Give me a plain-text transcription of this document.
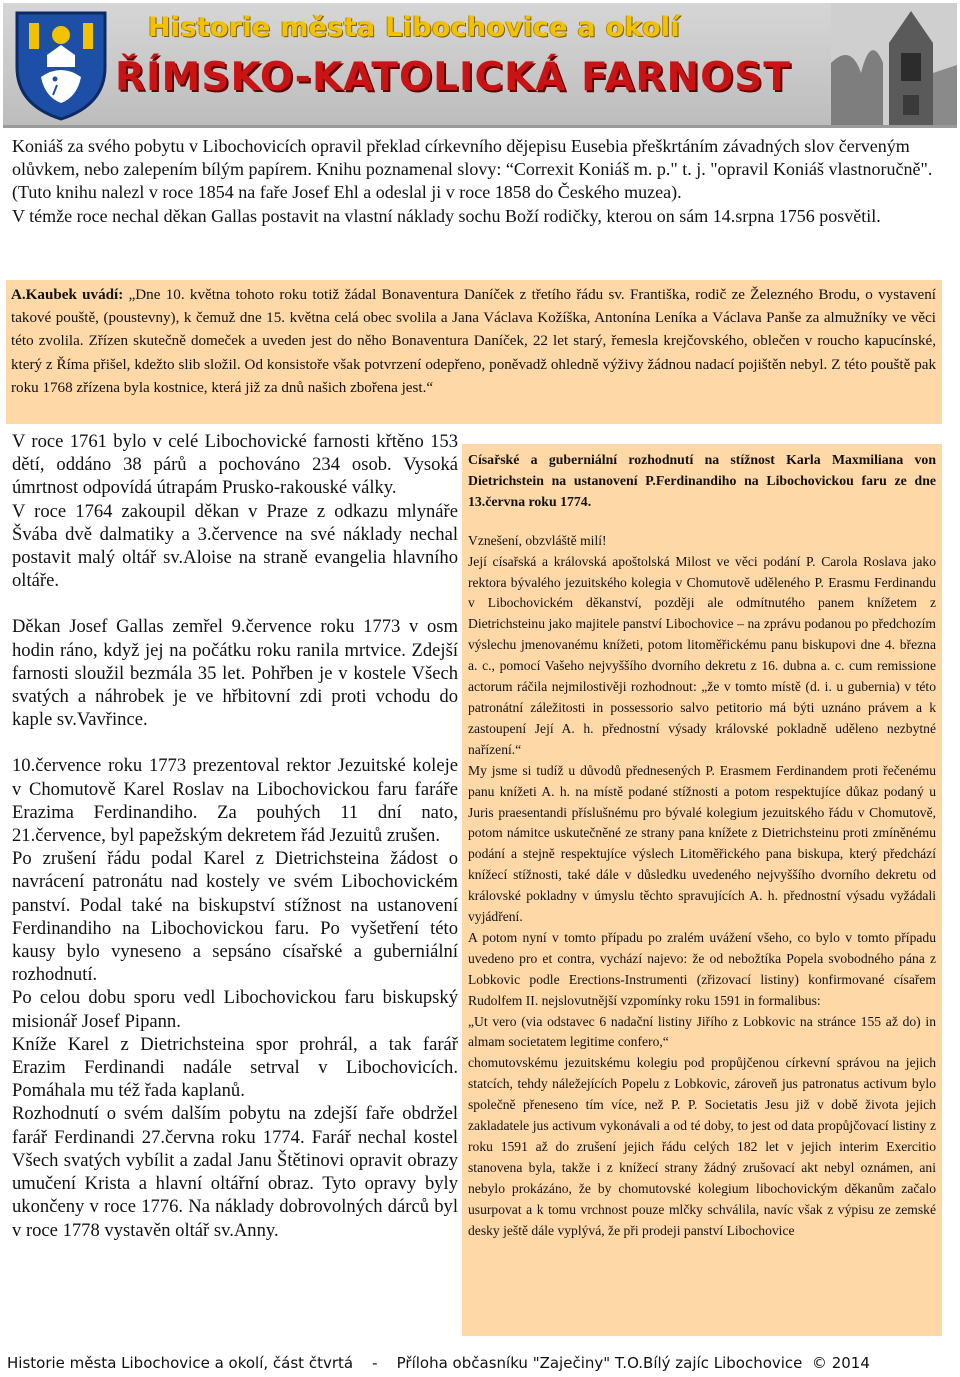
Historie města Libochovice a okolí
ŘÍMSKO-KATOLICKÁ FARNOST

Koniáš za svého pobytu v Libochovicích opravil překlad církevního dějepisu Eusebia přeškrtáním závadných slov červeným olůvkem, nebo zalepením bílým papírem. Knihu poznamenal slovy: “Correxit Koniáš m. p." t. j. "opravil Koniáš vlastnoručně". (Tuto knihu nalezl v roce 1854 na faře Josef Ehl a odeslal ji v roce 1858 do Českého muzea).

V témže roce nechal děkan Gallas postavit na vlastní náklady sochu Boží rodičky, kterou on sám 14.srpna 1756 posvětil.

A.Kaubek uvádí: „Dne 10. května tohoto roku totiž žádal Bonaventura Daníček z třetího řádu sv. Františka, rodič ze Železného Brodu, o vystavení takové pouště, (poustevny), k čemuž dne 15. května celá obec svolila a Jana Václava Kožíška, Antonína Leníka a Václava Panše za almužníky ve věci této zvolila. Zřízen skutečně domeček a uveden jest do něho Bonaventura Daníček, 22 let starý, řemesla krejčovského, oblečen v roucho kapucínské, který z Říma přišel, kdežto slib složil. Od konsistoře však potvrzení odepřeno, poněvadž ohledně výživy žádnou nadací pojištěn nebyl. Z této pouště pak roku 1768 zřízena byla kostnice, která již za dnů našich zbořena jest.“

V roce 1761 bylo v celé Libochovické farnosti křtěno 153 dětí, oddáno 38 párů a pochováno 234 osob. Vysoká úmrtnost odpovídá útrapám Prusko-rakouské války.

V roce 1764 zakoupil děkan v Praze z odkazu mlynáře Švába dvě dalmatiky a 3.července na své náklady nechal postavit malý oltář sv.Aloise na straně evangelia hlavního oltáře.

Děkan Josef Gallas zemřel 9.července roku 1773 v osm hodin ráno, když jej na počátku roku ranila mrtvice. Zdejší farnosti sloužil bezmála 35 let. Pohřben je v kostele Všech svatých a náhrobek je ve hřbitovní zdi proti vchodu do kaple sv.Vavřince.

10.července roku 1773 prezentoval rektor Jezuitské koleje v Chomutově Karel Roslav na Libochovickou faru faráře Erazima Ferdinandiho. Za pouhých 11 dní nato, 21.července, byl papežským dekretem řád Jezuitů zrušen.

Po zrušení řádu podal Karel z Dietrichsteina žádost o navrácení patronátu nad kostely ve svém Libochovickém panství. Podal také na biskupství stížnost na ustanovení Ferdinandiho na Libochovickou faru. Po vyšetření této kausy bylo vyneseno a sepsáno císařské a guberniální rozhodnutí.

Po celou dobu sporu vedl Libochovickou faru biskupský misionář Josef Pipann.

Kníže Karel z Dietrichsteina spor prohrál, a tak farář Erazim Ferdinandi nadále setrval v Libochovicích. Pomáhala mu též řada kaplanů.

Rozhodnutí o svém dalším pobytu na zdejší faře obdržel farář Ferdinandi 27.června roku 1774. Farář nechal kostel Všech svatých vybílit a zadal Janu Štětinovi opravit obrazy umučení Krista a hlavní oltářní obraz. Tyto opravy byly ukončeny v roce 1776. Na náklady dobrovolných dárců byl v roce 1778 vystavěn oltář sv.Anny.

Císařské a guberniální rozhodnutí na stížnost Karla Maxmiliana von Dietrichstein na ustanovení P.Ferdinandiho na Libochovickou faru ze dne 13.června roku 1774.

Vznešení, obzvláště milí!

Její císařská a královská apoštolská Milost ve věci podání P. Carola Roslava jako rektora bývalého jezuitského kolegia v Chomutově uděleného P. Erasmu Ferdinandu v Libochovickém děkanství, později ale odmítnutého panem knížetem z Dietrichsteinu jako majitele panství Libochovice – na zprávu podanou po předchozím výslechu jmenovanému knížeti, potom litoměřickému panu biskupovi dne 4. března a. c., pomocí Vašeho nejvyššího dvorního dekretu z 16. dubna a. c. cum remissione actorum ráčila nejmilostivěji rozhodnout: „že v tomto místě (d. i. u gubernia) v této patronátní záležitosti in possessorio salvo petitorio má býti uznáno právem a k zastoupení Její A. h. přednostní výsady královské pokladně uděleno nezbytné nařízení.“

My jsme si tudíž u důvodů přednesených P. Erasmem Ferdinandem proti řečenému panu knížeti A. h. na místě podané stížnosti a potom respektujíce důkaz podaný u Juris praesentandi příslušnému pro bývalé kolegium jezuitského řádu v Chomutově, potom námitce uskutečněné ze strany pana knížete z Dietrichsteinu proti zmíněnému podání a stejně respektujíce výslech Litoměřického pana biskupa, který předchází knížecí stížnosti, také dále v důsledku uvedeného nejvyššího dvorního dekretu od královské pokladny v úmyslu těchto spravujících A. h. přednostní výsadu vyžádali vyjádření.

A potom nyní v tomto případu po zralém uvážení všeho, co bylo v tomto případu uvedeno pro et contra, vychází najevo: že od nebožtíka Popela svobodného pána z Lobkovic podle Erections-Instrumenti (zřizovací listiny) konfirmované císařem Rudolfem II. nejslovutnější vzpomínky roku 1591 in formalibus:

„Ut vero (via odstavec 6 nadační listiny Jiřího z Lobkovic na stránce 155 až do) in almam societatem legitime confero,“

chomutovskému jezuitskému kolegiu pod propůjčenou církevní správou na jejich statcích, tehdy náležejících Popelu z Lobkovic, zároveň jus patronatus activum bylo společně přeneseno tím více, než P. P. Societatis Jesu již v době života jejich zakladatele jus activum vykonávali a od té doby, to jest od data propůjčovací listiny z roku 1591 až do zrušení jejich řádu celých 182 let v jejich interim Exercitio stanovena byla, takže i z knížecí strany žádný zrušovací akt nebyl oznámen, ani nebylo prokázáno, že by chomutovské kolegium libochovickým děkanům začalo usurpovat a k tomu vrchnost pouze mlčky schválila, navíc však z výpisu ze zemské desky ještě dále vyplývá, že při prodeji panství Libochovice

Historie města Libochovice a okolí, část čtvrtá    -    Příloha občasníku "Zaječiny" T.O.Bílý zajíc Libochovice  © 2014
